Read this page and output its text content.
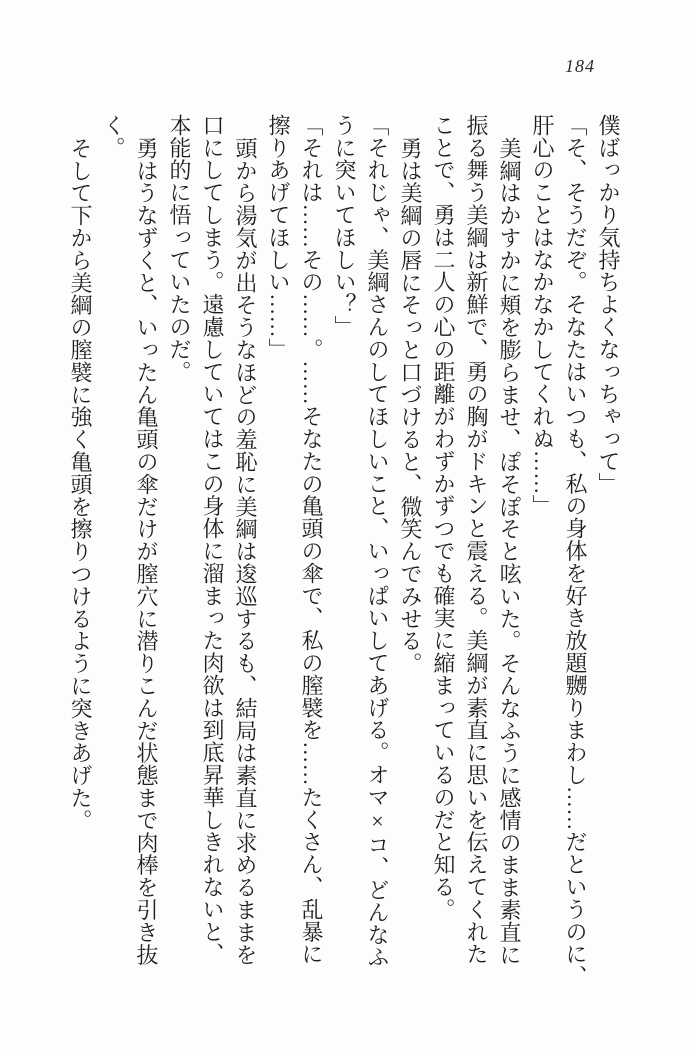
184
僕ばっかり気持ちよくなっちゃって」
「そ、そうだぞ。そなたはいつも、私の身体を好き放題嬲りまわし……だというのに、
肝心のことはなかなかしてくれぬ……」
美綱はかすかに頬を膨らませ、ぽそぽそと呟いた。そんなふうに感情のまま素直に
振る舞う美綱は新鮮で、勇の胸がドキンと震える。美綱が素直に思いを伝えてくれた
ことで、勇は二人の心の距離がわずかずつでも確実に縮まっているのだと知る。
勇は美綱の唇にそっと口づけると、微笑んでみせる。
「それじゃ、美綱さんのしてほしいこと、いっぱいしてあげる。オマ×コ、どんなふ
うに突いてほしい？」
「それは……その……。……そなたの亀頭の傘で、私の膣襞を……たくさん、乱暴に
擦りあげてほしい……」
頭から湯気が出そうなほどの羞恥に美綱は逡巡するも、結局は素直に求めるままを
口にしてしまう。遠慮していてはこの身体に溜まった肉欲は到底昇華しきれないと、
本能的に悟っていたのだ。
勇はうなずくと、いったん亀頭の傘だけが膣穴に潜りこんだ状態まで肉棒を引き抜
く。
そして下から美綱の膣襞に強く亀頭を擦りつけるように突きあげた。
